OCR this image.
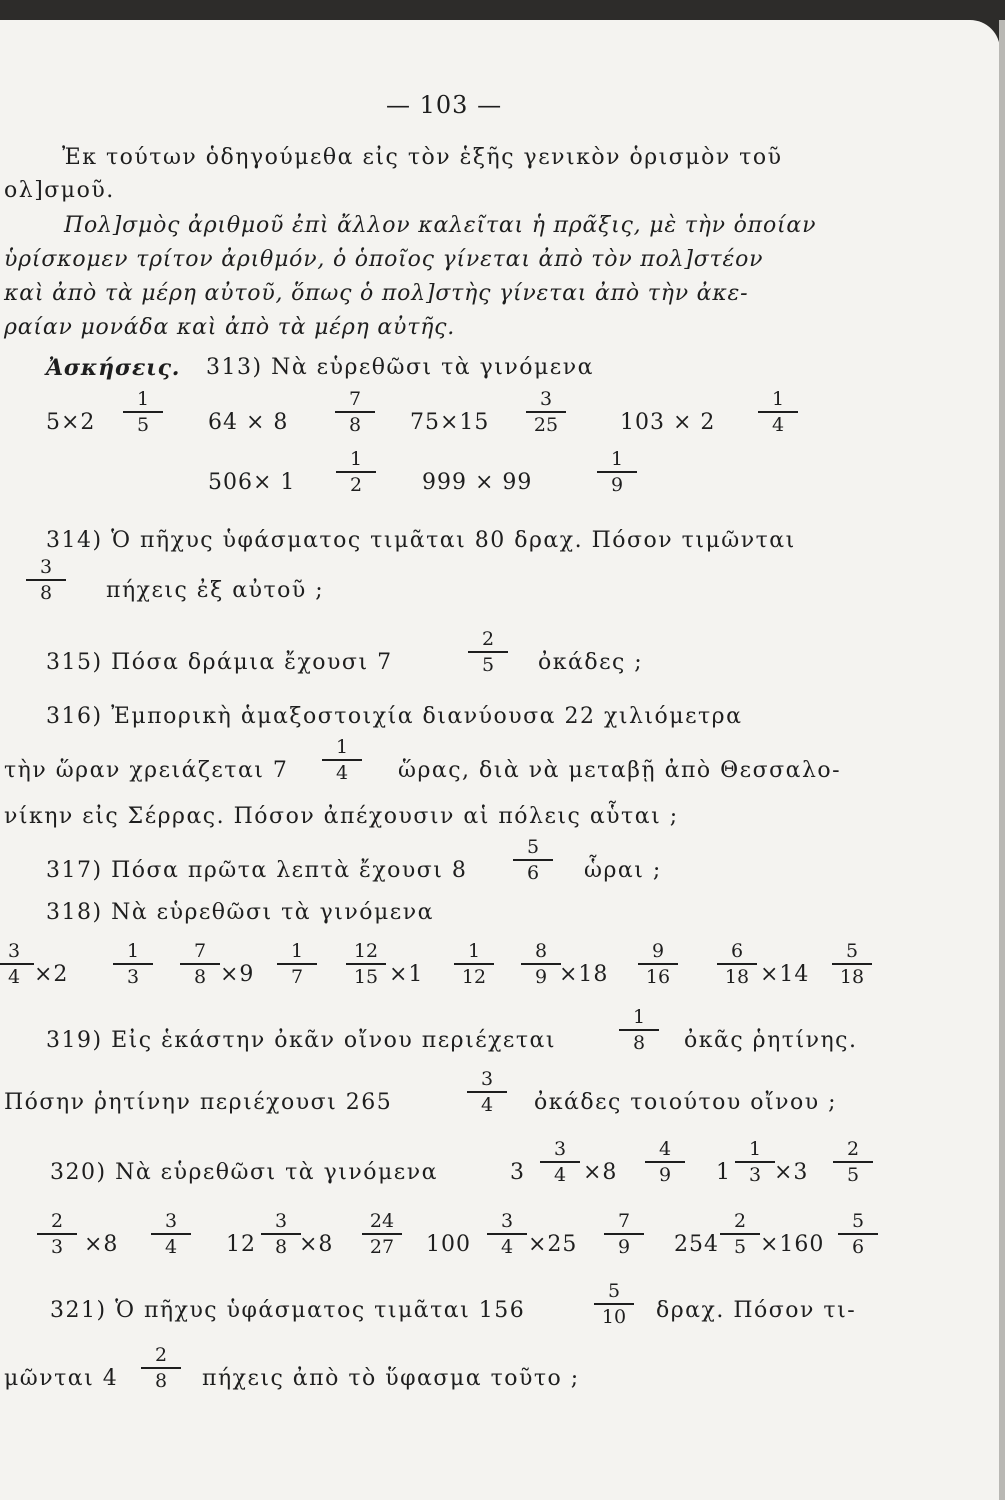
— 103 —
Ἐκ τούτων ὁδηγούμεθα εἰς τὸν ἑξῆς γενικὸν ὁρισμὸν τοῦ
ολ]σμοῦ.
Πολ]σμὸς ἀριθμοῦ ἐπὶ ἄλλον καλεῖται ἡ πρᾶξις, μὲ τὴν ὁποίαν
ὑρίσκομεν τρίτον ἀριθμόν, ὁ ὁποῖος γίνεται ἀπὸ τὸν πολ]στέον
καὶ ἀπὸ τὰ μέρη αὐτοῦ, ὅπως ὁ πολ]στὴς γίνεται ἀπὸ τὴν ἀκε-
ραίαν μονάδα καὶ ἀπὸ τὰ μέρη αὐτῆς.
Ἀσκήσεις. 313) Νὰ εὑρεθῶσι τὰ γινόμενα
5×2
1
5	64 × 8
7
8 75×15
3
25	103 × 2
1
4
506× 1
1
2	999 × 99
1
9
314) Ὁ πῆχυς ὑφάσματος τιμᾶται 80 δραχ. Πόσον τιμῶνται
3
8 πήχεις ἐξ αὐτοῦ ;
315) Πόσα δράμια ἔχουσι 7
2
5 ὀκάδες ;
316) Ἐμπορικὴ ἁμαξοστοιχία διανύουσα 22 χιλιόμετρα
τὴν ὥραν χρειάζεται 7
1
4 ὥρας, διὰ νὰ μεταβῇ ἀπὸ Θεσσαλο-
νίκην εἰς Σέρρας. Πόσον ἀπέχουσιν αἱ πόλεις αὗται ;
317) Πόσα πρῶτα λεπτὰ ἔχουσι 8
5
6 ὧραι ;
318) Νὰ εὑρεθῶσι τὰ γινόμενα
3
4 ×2
1
3
7
8 ×9
1
7
12
15 ×1
1
12
8
9 ×18
9
16
6
18 ×14
5
18
319) Εἰς ἑκάστην ὀκᾶν οἴνου περιέχεται
1
8 ὀκᾶς ῥητίνης.
Πόσην ῥητίνην περιέχουσι 265
3
4 ὀκάδες τοιούτου οἴνου ;
320) Νὰ εὑρεθῶσι τὰ γινόμενα	3
3
4 ×8
4
9 1
1
3 ×3
2
5
2
3 ×8
3
4 12
3
8 ×8
24
27 100
3
4 ×25
7
9 254
2
5 ×160
5
6
321) Ὁ πῆχυς ὑφάσματος τιμᾶται 156
5
10 δραχ. Πόσον τι-
μῶνται 4
2
8 πήχεις ἀπὸ τὸ ὕφασμα τοῦτο ;
